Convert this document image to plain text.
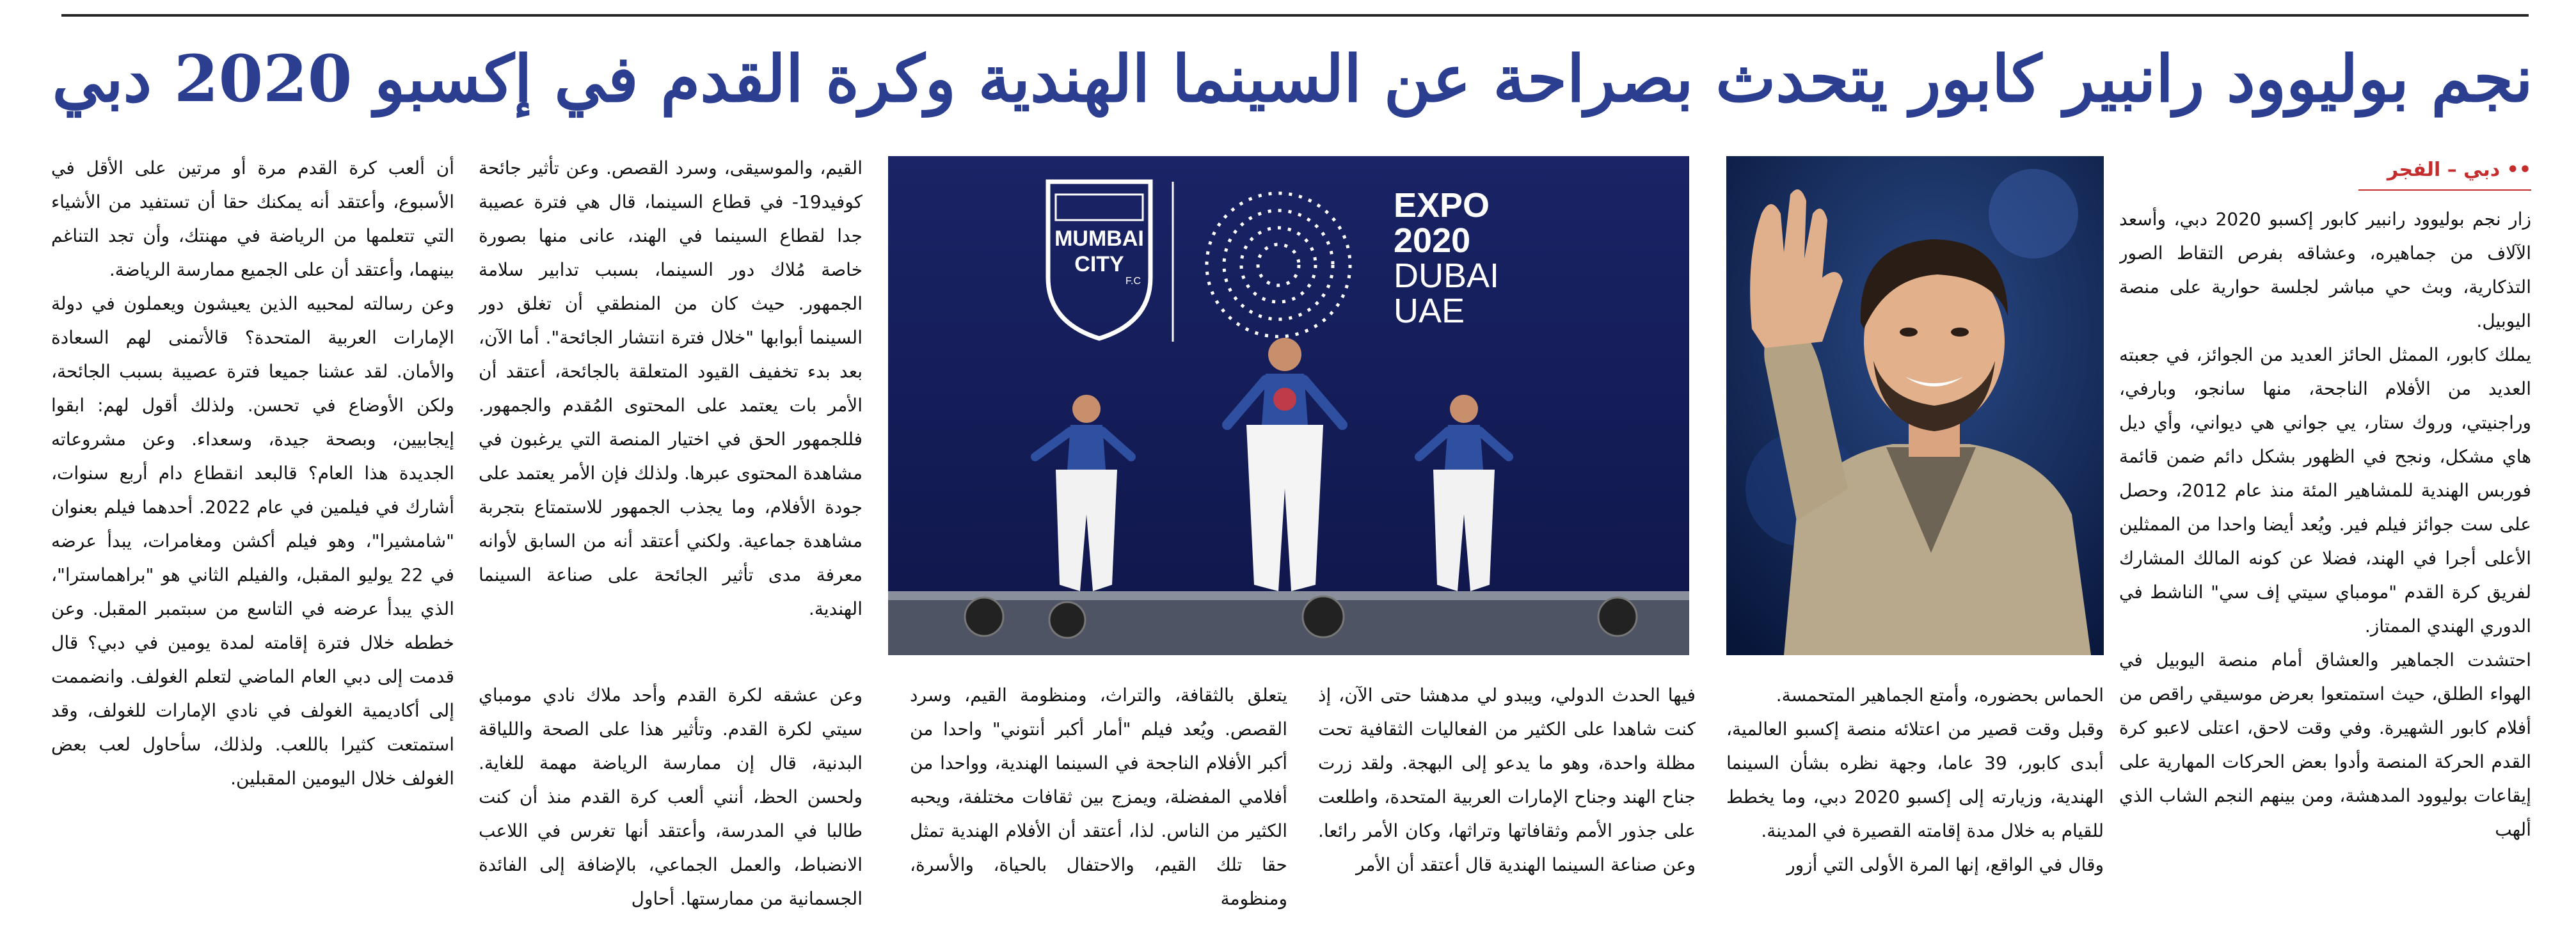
نجم بوليوود رانبير كابور يتحدث بصراحة عن السينما الهندية وكرة القدم في إكسبو 2020 دبي
•• دبي – الفجر

زار نجم بوليوود رانبير كابور إكسبو 2020 دبي، وأسعد الآلاف من جماهيره، وعشاقه بفرص التقاط الصور التذكارية، وبث حي مباشر لجلسة حوارية على منصة اليوبيل.

يملك كابور، الممثل الحائز العديد من الجوائز، في جعبته العديد من الأفلام الناجحة، منها سانجو، وبارفي، وراجنيتي، وروك ستار، يي جواني هي ديواني، وأي ديل هاي مشكل، ونجح في الظهور بشكل دائم ضمن قائمة فوربس الهندية للمشاهير المئة منذ عام 2012، وحصل على ست جوائز فيلم فير. ويُعد أيضا واحدا من الممثلين الأعلى أجرا في الهند، فضلا عن كونه المالك المشارك لفريق كرة القدم "مومباي سيتي إف سي" الناشط في الدوري الهندي الممتاز.

احتشدت الجماهير والعشاق أمام منصة اليوبيل في الهواء الطلق، حيث استمتعوا بعرض موسيقي راقص من أفلام كابور الشهيرة. وفي وقت لاحق، اعتلى لاعبو كرة القدم الحركة المنصة وأدوا بعض الحركات المهارية على إيقاعات بوليوود المدهشة، ومن بينهم النجم الشاب الذي ألهب

MUMBAI
CITY
F.C
EXPO
2020
DUBAI
UAE

الحماس بحضوره، وأمتع الجماهير المتحمسة.

وقبل وقت قصير من اعتلائه منصة إكسبو العالمية، أبدى كابور، 39 عاما، وجهة نظره بشأن السينما الهندية، وزيارته إلى إكسبو 2020 دبي، وما يخطط للقيام به خلال مدة إقامته القصيرة في المدينة.

وقال في الواقع، إنها المرة الأولى التي أزور

فيها الحدث الدولي، ويبدو لي مدهشا حتى الآن، إذ كنت شاهدا على الكثير من الفعاليات الثقافية تحت مظلة واحدة، وهو ما يدعو إلى البهجة. ولقد زرت جناح الهند وجناح الإمارات العربية المتحدة، واطلعت على جذور الأمم وثقافاتها وتراثها، وكان الأمر رائعا. وعن صناعة السينما الهندية قال أعتقد أن الأمر

يتعلق بالثقافة، والتراث، ومنظومة القيم، وسرد القصص. ويُعد فيلم "أمار أكبر أنتوني" واحدا من أكبر الأفلام الناجحة في السينما الهندية، وواحدا من أفلامي المفضلة، ويمزج بين ثقافات مختلفة، ويحبه الكثير من الناس. لذا، أعتقد أن الأفلام الهندية تمثل حقا تلك القيم، والاحتفال بالحياة، والأسرة، ومنظومة

القيم، والموسيقى، وسرد القصص. وعن تأثير جائحة كوفيد19- في قطاع السينما، قال هي فترة عصيبة جدا لقطاع السينما في الهند، عانى منها بصورة خاصة مُلاك دور السينما، بسبب تدابير سلامة الجمهور. حيث كان من المنطقي أن تغلق دور السينما أبوابها "خلال فترة انتشار الجائحة". أما الآن، بعد بدء تخفيف القيود المتعلقة بالجائحة، أعتقد أن الأمر بات يعتمد على المحتوى المُقدم والجمهور. فللجمهور الحق في اختيار المنصة التي يرغبون في مشاهدة المحتوى عبرها. ولذلك فإن الأمر يعتمد على جودة الأفلام، وما يجذب الجمهور للاستمتاع بتجربة مشاهدة جماعية. ولكني أعتقد أنه من السابق لأوانه معرفة مدى تأثير الجائحة على صناعة السينما الهندية.

وعن عشقه لكرة القدم وأحد ملاك نادي مومباي سيتي لكرة القدم. وتأثير هذا على الصحة واللياقة البدنية، قال إن ممارسة الرياضة مهمة للغاية. ولحسن الحظ، أنني ألعب كرة القدم منذ أن كنت طالبا في المدرسة، وأعتقد أنها تغرس في اللاعب الانضباط، والعمل الجماعي، بالإضافة إلى الفائدة الجسمانية من ممارستها. أحاول

أن ألعب كرة القدم مرة أو مرتين على الأقل في الأسبوع، وأعتقد أنه يمكنك حقا أن تستفيد من الأشياء التي تتعلمها من الرياضة في مهنتك، وأن تجد التناغم بينهما، وأعتقد أن على الجميع ممارسة الرياضة.

وعن رسالته لمحبيه الذين يعيشون ويعملون في دولة الإمارات العربية المتحدة؟ قالأتمنى لهم السعادة والأمان. لقد عشنا جميعا فترة عصيبة بسبب الجائحة، ولكن الأوضاع في تحسن. ولذلك أقول لهم: ابقوا إيجابيين، وبصحة جيدة، وسعداء. وعن مشروعاته الجديدة هذا العام؟ قالبعد انقطاع دام أربع سنوات، أشارك في فيلمين في عام 2022. أحدهما فيلم بعنوان "شامشيرا"، وهو فيلم أكشن ومغامرات، يبدأ عرضه في 22 يوليو المقبل، والفيلم الثاني هو "براهماسترا"، الذي يبدأ عرضه في التاسع من سبتمبر المقبل. وعن خططه خلال فترة إقامته لمدة يومين في دبي؟ قال قدمت إلى دبي العام الماضي لتعلم الغولف. وانضممت إلى أكاديمية الغولف في نادي الإمارات للغولف، وقد استمتعت كثيرا باللعب. ولذلك، سأحاول لعب بعض الغولف خلال اليومين المقبلين.
